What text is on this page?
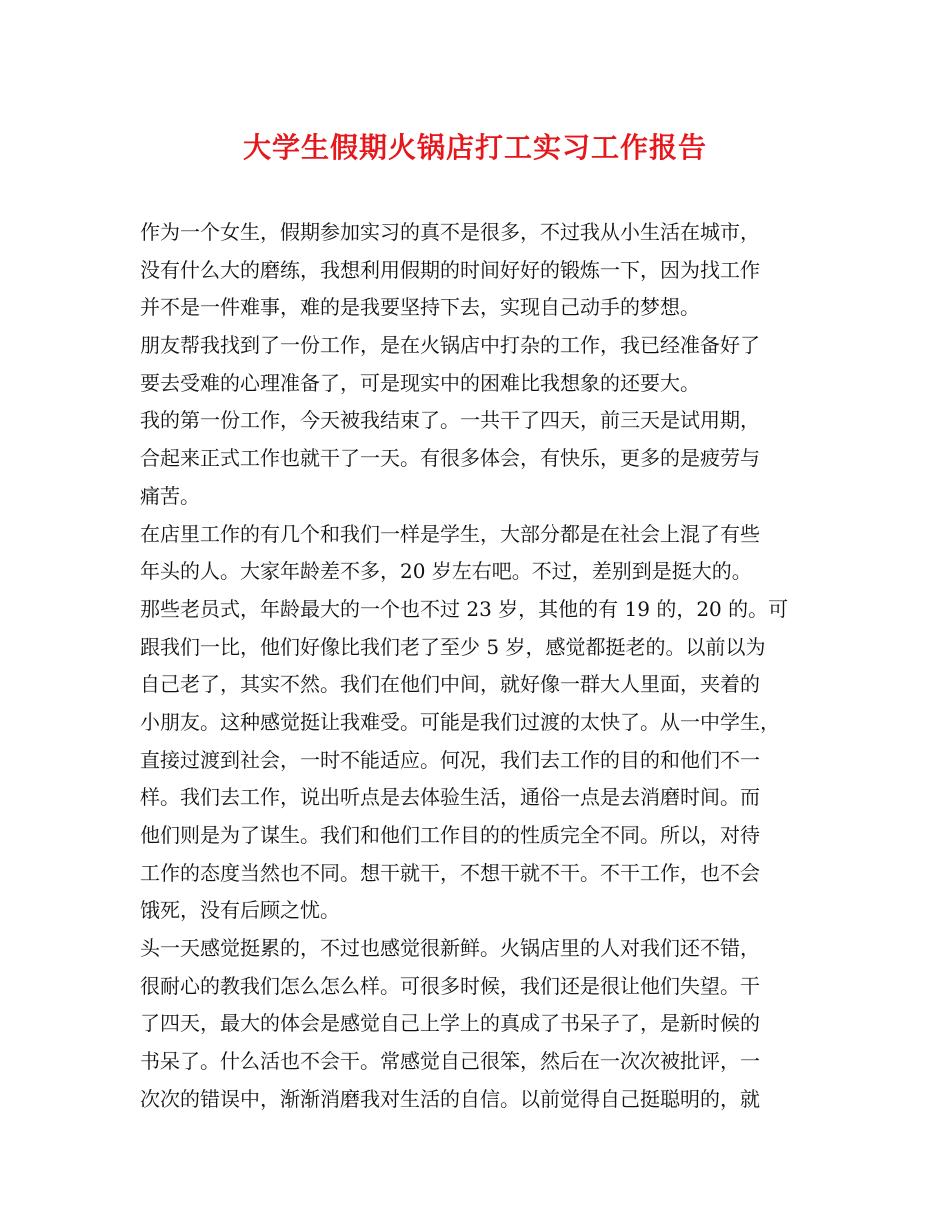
大学生假期火锅店打工实习工作报告

作为一个女生，假期参加实习的真不是很多，不过我从小生活在城市，

没有什么大的磨练，我想利用假期的时间好好的锻炼一下，因为找工作

并不是一件难事，难的是我要坚持下去，实现自己动手的梦想。

朋友帮我找到了一份工作，是在火锅店中打杂的工作，我已经准备好了

要去受难的心理准备了，可是现实中的困难比我想象的还要大。

我的第一份工作，今天被我结束了。一共干了四天，前三天是试用期，

合起来正式工作也就干了一天。有很多体会，有快乐，更多的是疲劳与

痛苦。

在店里工作的有几个和我们一样是学生，大部分都是在社会上混了有些

年头的人。大家年龄差不多，20 岁左右吧。不过，差别到是挺大的。

那些老员式，年龄最大的一个也不过 23 岁，其他的有 19 的，20 的。可

跟我们一比，他们好像比我们老了至少 5 岁，感觉都挺老的。以前以为

自己老了，其实不然。我们在他们中间，就好像一群大人里面，夹着的

小朋友。这种感觉挺让我难受。可能是我们过渡的太快了。从一中学生，

直接过渡到社会，一时不能适应。何况，我们去工作的目的和他们不一

样。我们去工作，说出听点是去体验生活，通俗一点是去消磨时间。而

他们则是为了谋生。我们和他们工作目的的性质完全不同。所以，对待

工作的态度当然也不同。想干就干，不想干就不干。不干工作，也不会

饿死，没有后顾之忧。

头一天感觉挺累的，不过也感觉很新鲜。火锅店里的人对我们还不错，

很耐心的教我们怎么怎么样。可很多时候，我们还是很让他们失望。干

了四天，最大的体会是感觉自己上学上的真成了书呆子了，是新时候的

书呆了。什么活也不会干。常感觉自己很笨，然后在一次次被批评，一

次次的错误中，渐渐消磨我对生活的自信。以前觉得自己挺聪明的，就
